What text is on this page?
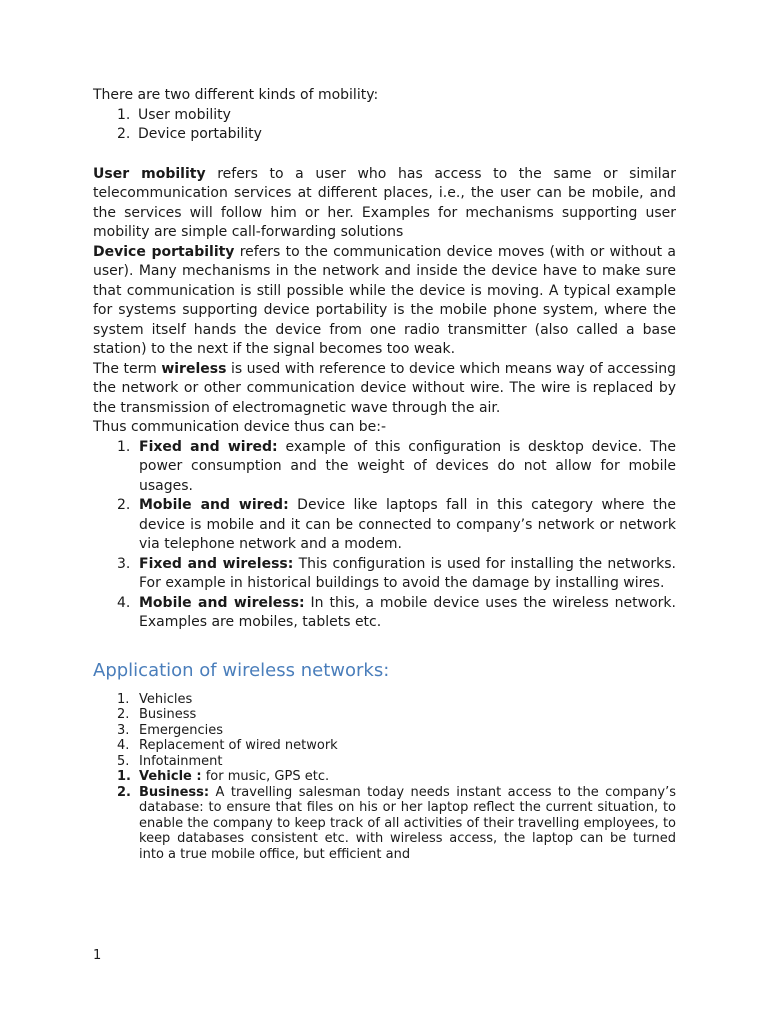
There are two different kinds of mobility:

1. User mobility
2. Device portability

User mobility refers to a user who has access to the same or similar telecommunication services at different places, i.e., the user can be mobile, and the services will follow him or her. Examples for mechanisms supporting user mobility are simple call-forwarding solutions

Device portability refers to the communication device moves (with or without a user). Many mechanisms in the network and inside the device have to make sure that communication is still possible while the device is moving. A typical example for systems supporting device portability is the mobile phone system, where the system itself hands the device from one radio transmitter (also called a base station) to the next if the signal becomes too weak.

The term wireless is used with reference to device which means way of accessing the network or other communication device without wire. The wire is replaced by the transmission of electromagnetic wave through the air.

Thus communication device thus can be:-

1. Fixed and wired: example of this configuration is desktop device. The power consumption and the weight of devices do not allow for mobile usages.
2. Mobile and wired: Device like laptops fall in this category where the device is mobile and it can be connected to company’s network or network via telephone network and a modem.
3. Fixed and wireless: This configuration is used for installing the networks. For example in historical buildings to avoid the damage by installing wires.
4. Mobile and wireless: In this, a mobile device uses the wireless network. Examples are mobiles, tablets etc.
Application of wireless networks:
1. Vehicles
2. Business
3. Emergencies
4. Replacement of wired network
5. Infotainment
1. Vehicle : for music, GPS etc.
2. Business: A travelling salesman today needs instant access to the company’s database: to ensure that files on his or her laptop reflect the current situation, to enable the company to keep track of all activities of their travelling employees, to keep databases consistent etc. with wireless access, the laptop can be turned into a true mobile office, but efficient and
1
